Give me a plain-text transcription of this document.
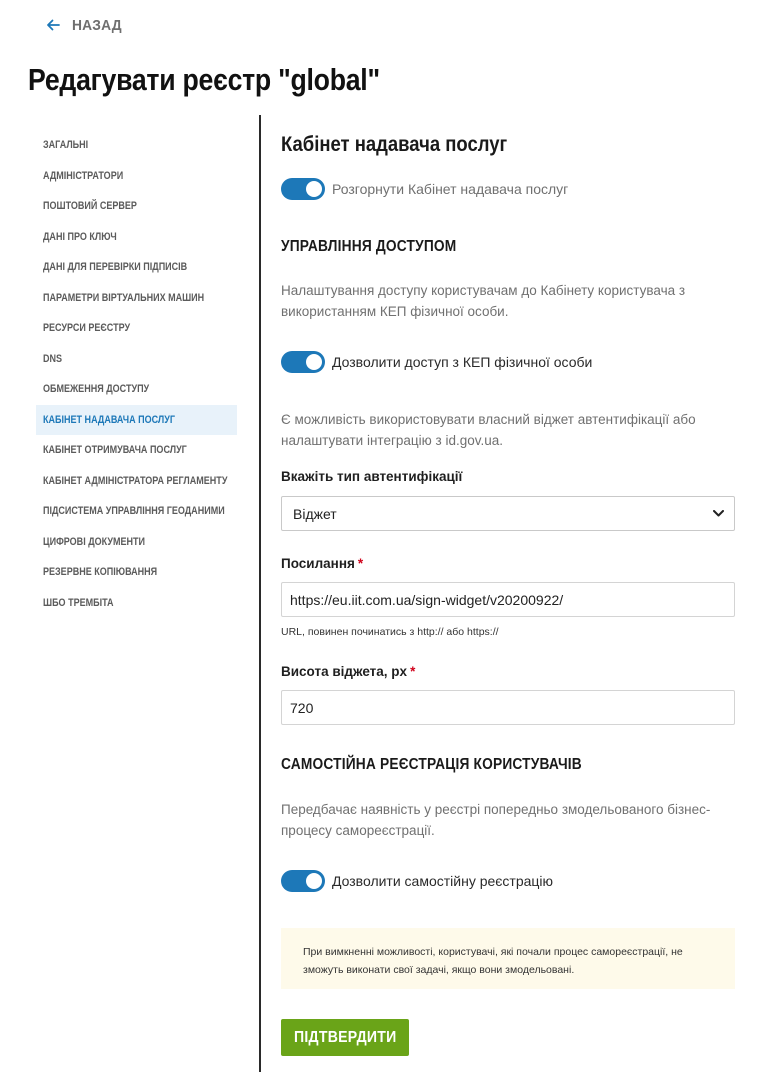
НАЗАД
Редагувати реєстр "global"
ЗАГАЛЬНІ
АДМІНІСТРАТОРИ
ПОШТОВИЙ СЕРВЕР
ДАНІ ПРО КЛЮЧ
ДАНІ ДЛЯ ПЕРЕВІРКИ ПІДПИСІВ
ПАРАМЕТРИ ВІРТУАЛЬНИХ МАШИН
РЕСУРСИ РЕЄСТРУ
DNS
ОБМЕЖЕННЯ ДОСТУПУ
КАБІНЕТ НАДАВАЧА ПОСЛУГ
КАБІНЕТ ОТРИМУВАЧА ПОСЛУГ
КАБІНЕТ АДМІНІСТРАТОРА РЕГЛАМЕНТУ
ПІДСИСТЕМА УПРАВЛІННЯ ГЕОДАНИМИ
ЦИФРОВІ ДОКУМЕНТИ
РЕЗЕРВНЕ КОПІЮВАННЯ
ШБО ТРЕМБІТА
Кабінет надавача послуг
Розгорнути Кабінет надавача послуг
УПРАВЛІННЯ ДОСТУПОМ

Налаштування доступу користувачам до Кабінету користувача з використанням КЕП фізичної особи.

Дозволити доступ з КЕП фізичної особи

Є можливість використовувати власний віджет автентифікації або налаштувати інтеграцію з id.gov.ua.

Вкажіть тип автентифікації
Віджет
Посилання *
https://eu.iit.com.ua/sign-widget/v20200922/
URL, повинен починатись з http:// або https://
Висота віджета, px *
720
САМОСТІЙНА РЕЄСТРАЦІЯ КОРИСТУВАЧІВ

Передбачає наявність у реєстрі попередньо змодельованого бізнес-процесу самореєстрації.

Дозволити самостійну реєстрацію
При вимкненні можливості, користувачі, які почали процес самореєстрації, не зможуть виконати свої задачі, якщо вони змодельовані.
ПІДТВЕРДИТИ
